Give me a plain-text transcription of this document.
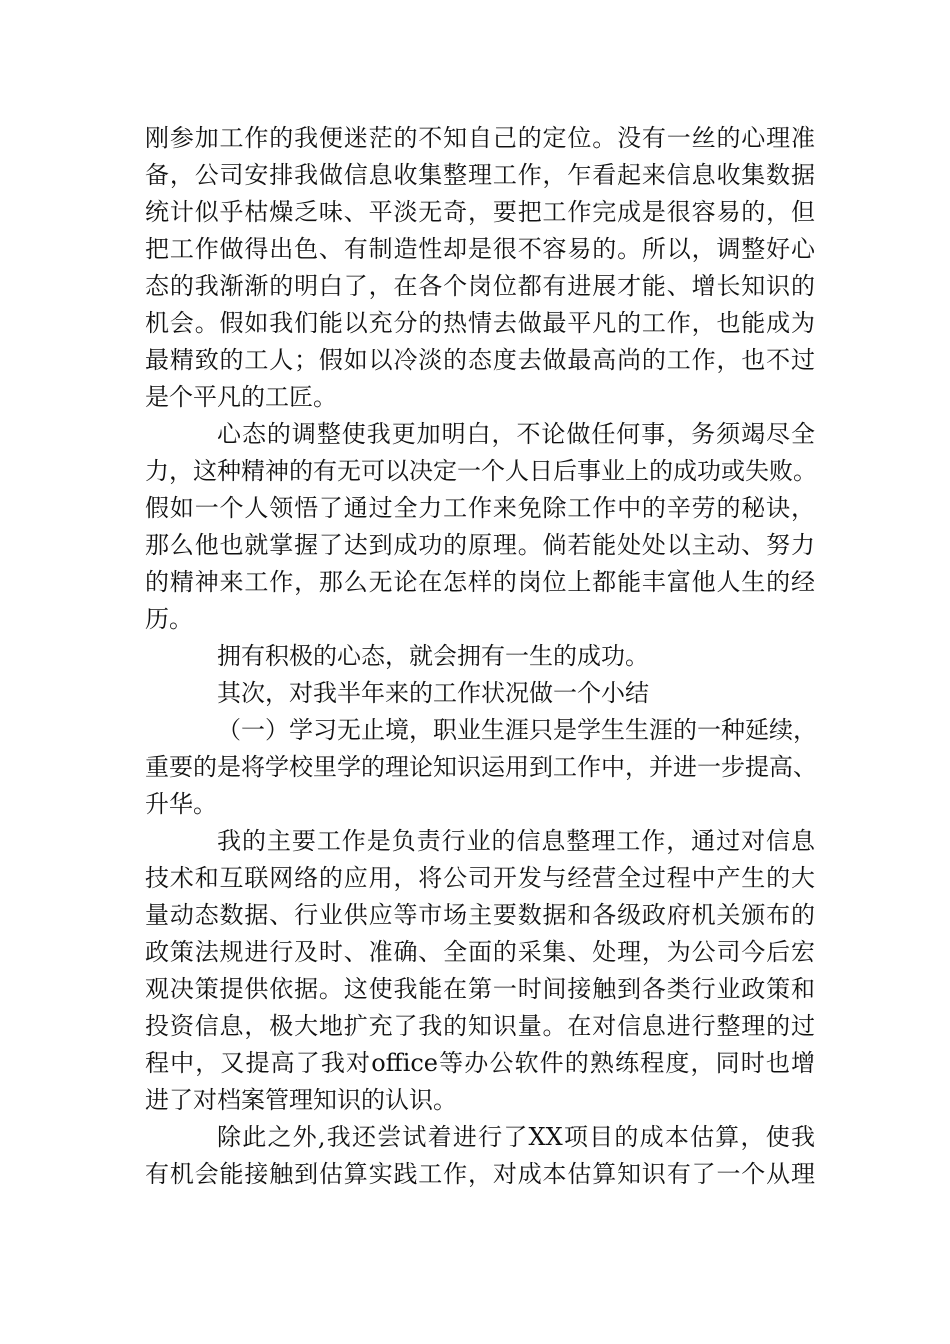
刚参加工作的我便迷茫的不知自己的定位。没有一丝的心理准
备，公司安排我做信息收集整理工作，乍看起来信息收集数据
统计似乎枯燥乏味、平淡无奇，要把工作完成是很容易的，但
把工作做得出色、有制造性却是很不容易的。所以，调整好心
态的我渐渐的明白了，在各个岗位都有进展才能、增长知识的
机会。假如我们能以充分的热情去做最平凡的工作，也能成为
最精致的工人；假如以冷淡的态度去做最高尚的工作，也不过
是个平凡的工匠。
心态的调整使我更加明白，不论做任何事，务须竭尽全
力，这种精神的有无可以决定一个人日后事业上的成功或失败。
假如一个人领悟了通过全力工作来免除工作中的辛劳的秘诀，
那么他也就掌握了达到成功的原理。倘若能处处以主动、努力
的精神来工作，那么无论在怎样的岗位上都能丰富他人生的经
历。
拥有积极的心态，就会拥有一生的成功。
其次，对我半年来的工作状况做一个小结
（一）学习无止境，职业生涯只是学生生涯的一种延续，
重要的是将学校里学的理论知识运用到工作中，并进一步提高、
升华。
我的主要工作是负责行业的信息整理工作，通过对信息
技术和互联网络的应用，将公司开发与经营全过程中产生的大
量动态数据、行业供应等市场主要数据和各级政府机关颁布的
政策法规进行及时、准确、全面的采集、处理，为公司今后宏
观决策提供依据。这使我能在第一时间接触到各类行业政策和
投资信息，极大地扩充了我的知识量。在对信息进行整理的过
程中，又提高了我对office等办公软件的熟练程度，同时也增
进了对档案管理知识的认识。
除此之外,我还尝试着进行了XX项目的成本估算，使我
有机会能接触到估算实践工作，对成本估算知识有了一个从理
